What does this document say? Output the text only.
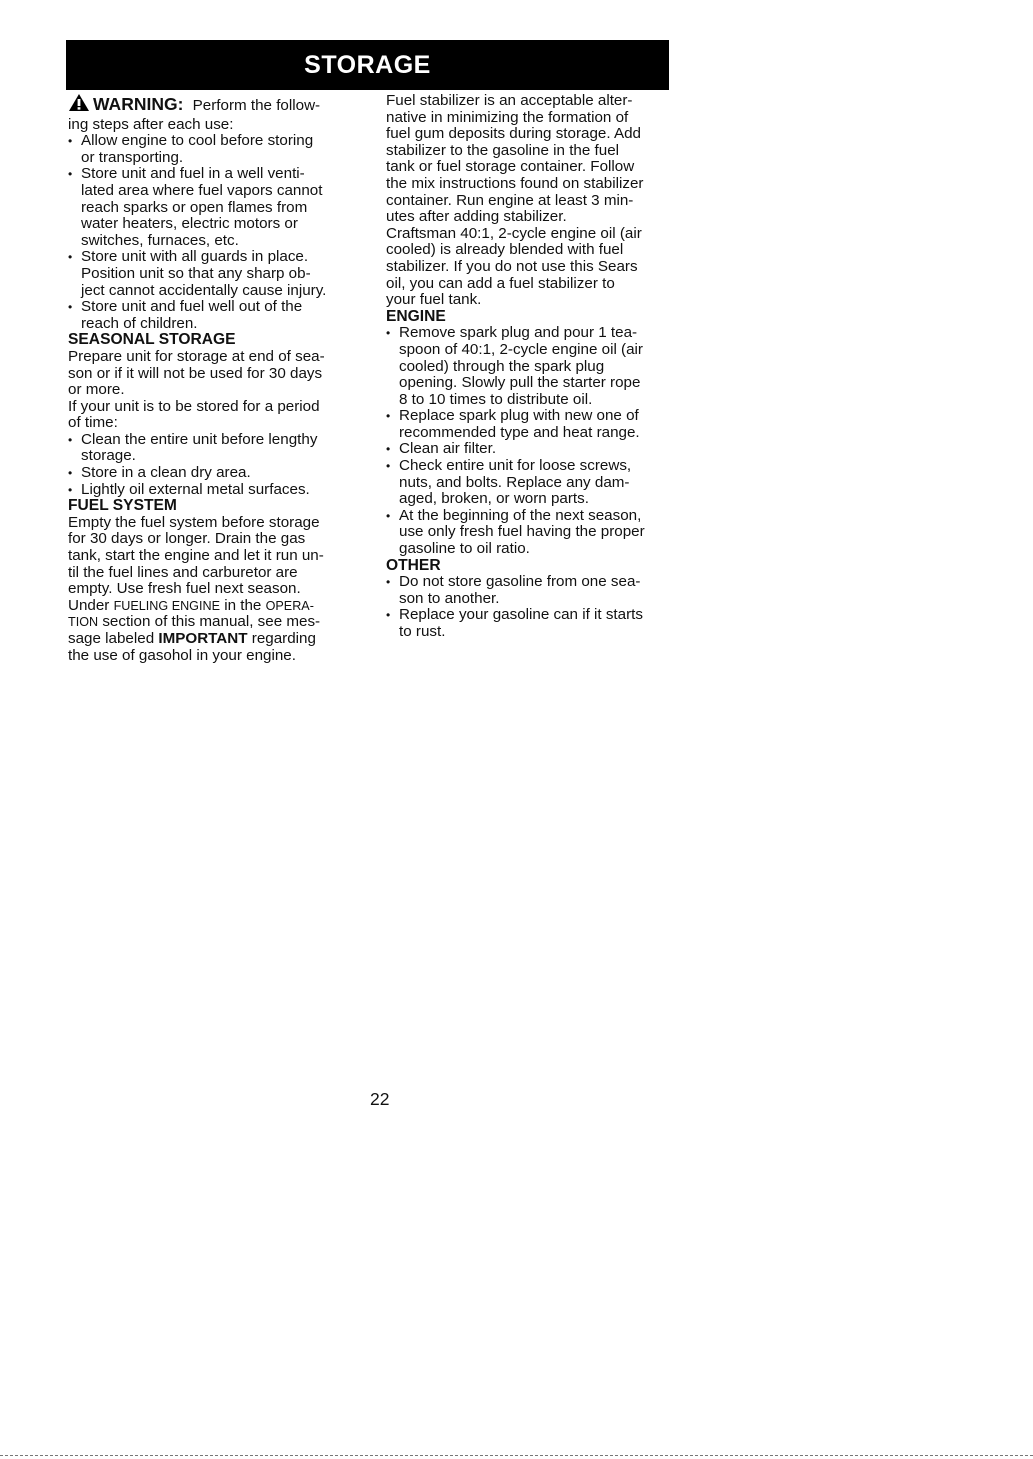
STORAGE
WARNING: Perform the follow-
ing steps after each use:
• Allow engine to cool before storing
or transporting.
• Store unit and fuel in a well venti-
lated area where fuel vapors cannot
reach sparks or open flames from
water heaters, electric motors or
switches, furnaces, etc.
• Store unit with all guards in place.
Position unit so that any sharp ob-
ject cannot accidentally cause injury.
• Store unit and fuel well out of the
reach of children.
SEASONAL STORAGE
Prepare unit for storage at end of sea-
son or if it will not be used for 30 days
or more.
If your unit is to be stored for a period
of time:
• Clean the entire unit before lengthy
storage.
• Store in a clean dry area.
• Lightly oil external metal surfaces.
FUEL SYSTEM
Empty the fuel system before storage
for 30 days or longer. Drain the gas
tank, start the engine and let it run un-
til the fuel lines and carburetor are
empty. Use fresh fuel next season.
Under FUELING ENGINE in the OPERA-
TION section of this manual, see mes-
sage labeled IMPORTANT regarding
the use of gasohol in your engine.
Fuel stabilizer is an acceptable alter-
native in minimizing the formation of
fuel gum deposits during storage. Add
stabilizer to the gasoline in the fuel
tank or fuel storage container. Follow
the mix instructions found on stabilizer
container. Run engine at least 3 min-
utes after adding stabilizer.
Craftsman 40:1, 2-cycle engine oil (air
cooled) is already blended with fuel
stabilizer. If you do not use this Sears
oil, you can add a fuel stabilizer to
your fuel tank.
ENGINE
• Remove spark plug and pour 1 tea-
spoon of 40:1, 2-cycle engine oil (air
cooled) through the spark plug
opening. Slowly pull the starter rope
8 to 10 times to distribute oil.
• Replace spark plug with new one of
recommended type and heat range.
• Clean air filter.
• Check entire unit for loose screws,
nuts, and bolts. Replace any dam-
aged, broken, or worn parts.
• At the beginning of the next season,
use only fresh fuel having the proper
gasoline to oil ratio.
OTHER
• Do not store gasoline from one sea-
son to another.
• Replace your gasoline can if it starts
to rust.
22
